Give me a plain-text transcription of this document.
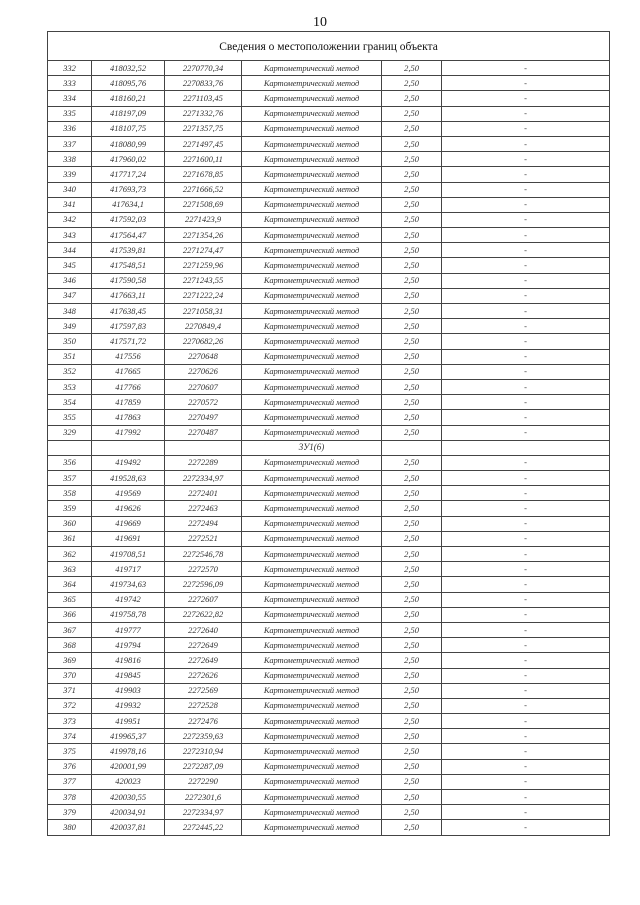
10
Сведения о местоположении границ объекта					
332	418032,52	2270770,34	Картометрический метод	2,50	-
333	418095,76	2270833,76	Картометрический метод	2,50	-
334	418160,21	2271103,45	Картометрический метод	2,50	-
335	418197,09	2271332,76	Картометрический метод	2,50	-
336	418107,75	2271357,75	Картометрический метод	2,50	-
337	418080,99	2271497,45	Картометрический метод	2,50	-
338	417960,02	2271600,11	Картометрический метод	2,50	-
339	417717,24	2271678,85	Картометрический метод	2,50	-
340	417693,73	2271666,52	Картометрический метод	2,50	-
341	417634,1	2271508,69	Картометрический метод	2,50	-
342	417592,03	2271423,9	Картометрический метод	2,50	-
343	417564,47	2271354,26	Картометрический метод	2,50	-
344	417539,81	2271274,47	Картометрический метод	2,50	-
345	417548,51	2271259,96	Картометрический метод	2,50	-
346	417590,58	2271243,55	Картометрический метод	2,50	-
347	417663,11	2271222,24	Картометрический метод	2,50	-
348	417638,45	2271058,31	Картометрический метод	2,50	-
349	417597,83	2270849,4	Картометрический метод	2,50	-
350	417571,72	2270682,26	Картометрический метод	2,50	-
351	417556	2270648	Картометрический метод	2,50	-
352	417665	2270626	Картометрический метод	2,50	-
353	417766	2270607	Картометрический метод	2,50	-
354	417859	2270572	Картометрический метод	2,50	-
355	417863	2270497	Картометрический метод	2,50	-
329	417992	2270487	Картометрический метод	2,50	-
			3У1(6)		
356	419492	2272289	Картометрический метод	2,50	-
357	419528,63	2272334,97	Картометрический метод	2,50	-
358	419569	2272401	Картометрический метод	2,50	-
359	419626	2272463	Картометрический метод	2,50	-
360	419669	2272494	Картометрический метод	2,50	-
361	419691	2272521	Картометрический метод	2,50	-
362	419708,51	2272546,78	Картометрический метод	2,50	-
363	419717	2272570	Картометрический метод	2,50	-
364	419734,63	2272596,09	Картометрический метод	2,50	-
365	419742	2272607	Картометрический метод	2,50	-
366	419758,78	2272622,82	Картометрический метод	2,50	-
367	419777	2272640	Картометрический метод	2,50	-
368	419794	2272649	Картометрический метод	2,50	-
369	419816	2272649	Картометрический метод	2,50	-
370	419845	2272626	Картометрический метод	2,50	-
371	419903	2272569	Картометрический метод	2,50	-
372	419932	2272528	Картометрический метод	2,50	-
373	419951	2272476	Картометрический метод	2,50	-
374	419965,37	2272359,63	Картометрический метод	2,50	-
375	419978,16	2272310,94	Картометрический метод	2,50	-
376	420001,99	2272287,09	Картометрический метод	2,50	-
377	420023	2272290	Картометрический метод	2,50	-
378	420030,55	2272301,6	Картометрический метод	2,50	-
379	420034,91	2272334,97	Картометрический метод	2,50	-
380	420037,81	2272445,22	Картометрический метод	2,50	-
